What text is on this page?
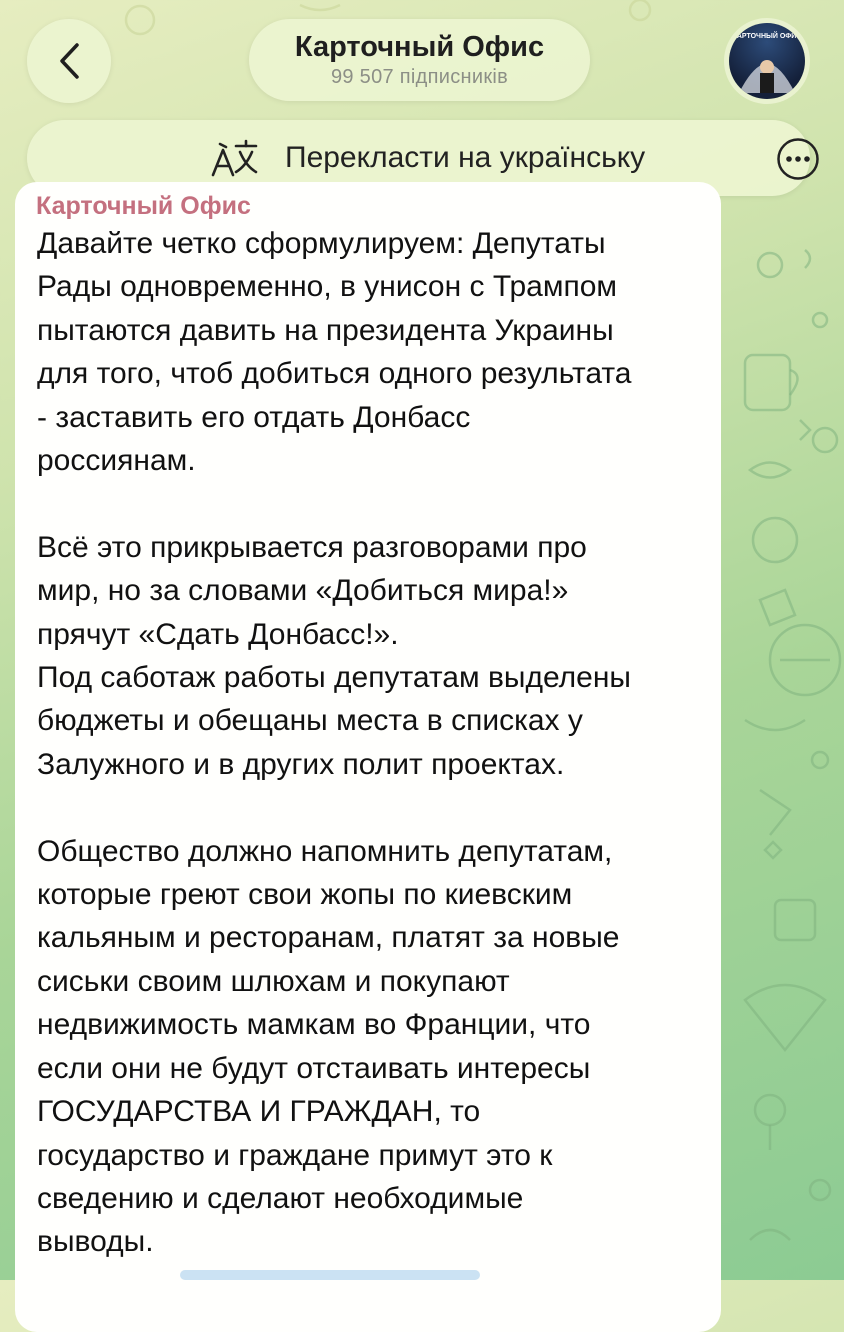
Карточный Офис
99 507 підписників
КАРТОЧНЫЙ ОФИС
Перекласти на українську
Карточный Офис

Давайте четко сформулируем: Депутаты
Рады одновременно, в унисон с Трампом
пытаются давить на президента Украины
для того, чтоб добиться одного результата
- заставить его отдать Донбасс
россиянам.

Всё это прикрывается разговорами про
мир, но за словами «Добиться мира!»
прячут «Сдать Донбасс!».
Под саботаж работы депутатам выделены
бюджеты и обещаны места в списках у
Залужного и в других полит проектах.

Общество должно напомнить депутатам,
которые греют свои жопы по киевским
кальяным и ресторанам, платят за новые
сиськи своим шлюхам и покупают
недвижимость мамкам во Франции, что
если они не будут отстаивать интересы
ГОСУДАРСТВА И ГРАЖДАН, то
государство и граждане примут это к
сведению и сделают необходимые
выводы.
